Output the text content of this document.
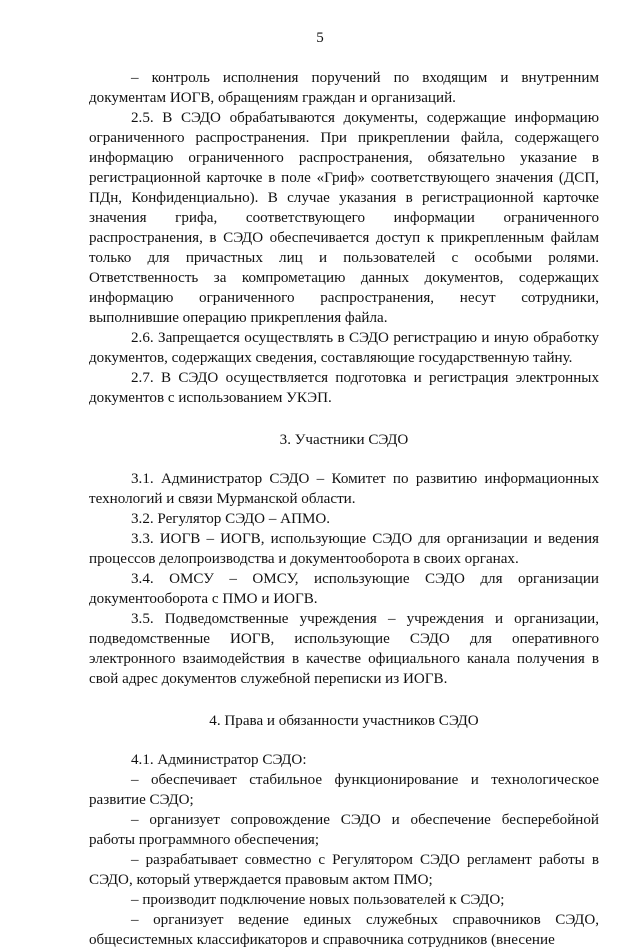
5

– контроль исполнения поручений по входящим и внутренним документам ИОГВ, обращениям граждан и организаций.

2.5. В СЭДО обрабатываются документы, содержащие информацию ограниченного распространения. При прикреплении файла, содержащего информацию ограниченного распространения, обязательно указание в регистрационной карточке в поле «Гриф» соответствующего значения (ДСП, ПДн, Конфиденциально). В случае указания в регистрационной карточке значения грифа, соответствующего информации ограниченного распространения, в СЭДО обеспечивается доступ к прикрепленным файлам только для причастных лиц и пользователей с особыми ролями. Ответственность за компрометацию данных документов, содержащих информацию ограниченного распространения, несут сотрудники, выполнившие операцию прикрепления файла.

2.6. Запрещается осуществлять в СЭДО регистрацию и иную обработку документов, содержащих сведения, составляющие государственную тайну.

2.7. В СЭДО осуществляется подготовка и регистрация электронных документов с использованием УКЭП.

3. Участники СЭДО

3.1. Администратор СЭДО – Комитет по развитию информационных технологий и связи Мурманской области.

3.2. Регулятор СЭДО – АПМО.

3.3. ИОГВ – ИОГВ, использующие СЭДО для организации и ведения процессов делопроизводства и документооборота в своих органах.

3.4. ОМСУ – ОМСУ, использующие СЭДО для организации документооборота с ПМО и ИОГВ.

3.5. Подведомственные учреждения – учреждения и организации, подведомственные ИОГВ, использующие СЭДО для оперативного электронного взаимодействия в качестве официального канала получения в свой адрес документов служебной переписки из ИОГВ.

4. Права и обязанности участников СЭДО

4.1. Администратор СЭДО:

– обеспечивает стабильное функционирование и технологическое развитие СЭДО;

– организует сопровождение СЭДО и обеспечение бесперебойной работы программного обеспечения;

– разрабатывает совместно с Регулятором СЭДО регламент работы в СЭДО, который утверждается правовым актом ПМО;

– производит подключение новых пользователей к СЭДО;

– организует ведение единых служебных справочников СЭДО, общесистемных классификаторов и справочника сотрудников (внесение
